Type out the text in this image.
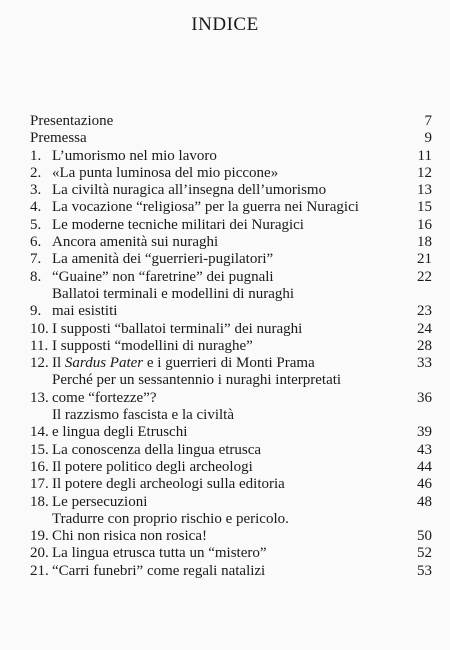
INDICE
Presentazione	7
Premessa	9
1. L’umorismo nel mio lavoro	11
2. «La punta luminosa del mio piccone»	12
3. La civiltà nuragica all’insegna dell’umorismo	13
4. La vocazione “religiosa” per la guerra nei Nuragici	15
5. Le moderne tecniche militari dei Nuragici	16
6. Ancora amenità sui nuraghi	18
7. La amenità dei “guerrieri-pugilatori”	21
8. “Guaine” non “faretrine” dei pugnali	22
9.
Ballatoi terminali e modellini di nuraghi
mai esistiti	23
10. I supposti “ballatoi terminali” dei nuraghi	24
11. I supposti “modellini di nuraghe”	28
12. Il Sardus Pater e i guerrieri di Monti Prama	33
13.
Perché per un sessantennio i nuraghi interpretati
come “fortezze”?	36
14.
Il razzismo fascista e la civiltà
e lingua degli Etruschi	39
15. La conoscenza della lingua etrusca	43
16. Il potere politico degli archeologi	44
17. Il potere degli archeologi sulla editoria	46
18. Le persecuzioni	48
19.
Tradurre con proprio rischio e pericolo.
Chi non risica non rosica!	50
20. La lingua etrusca tutta un “mistero”	52
21. “Carri funebri” come regali natalizi	53
